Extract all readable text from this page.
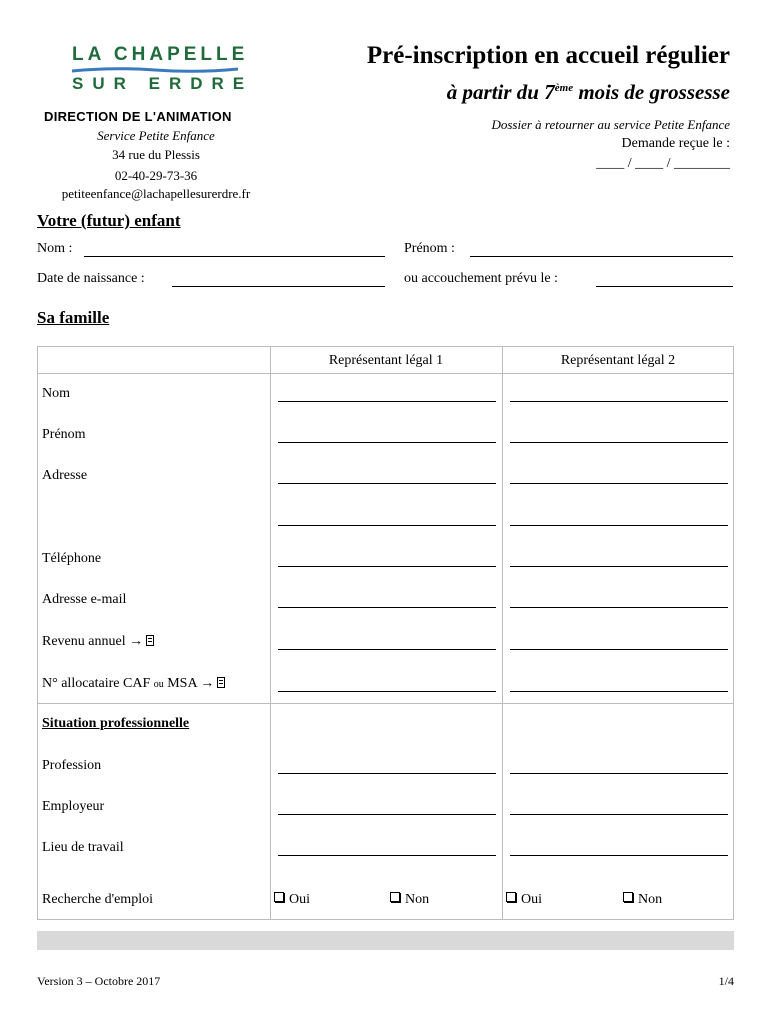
LA CHAPELLE
SUR ERDRE
DIRECTION DE L'ANIMATION
Service Petite Enfance
34 rue du Plessis
02-40-29-73-36
petiteenfance@lachapellesurerdre.fr
Pré-inscription en accueil régulier
à partir du 7ème mois de grossesse
Dossier à retourner au service Petite Enfance
Demande reçue le :
____ / ____ / ________
Votre (futur) enfant
Nom :	Prénom :
Date de naissance :	ou accouchement prévu le :
Sa famille
Représentant légal 1	Représentant légal 2
Nom
Prénom
Adresse
Téléphone
Adresse e-mail
Revenu annuel →
N° allocataire CAF ou MSA →
Situation professionnelle
Profession
Employeur
Lieu de travail
Recherche d'emploi	Oui	Non	Oui	Non
Version 3 – Octobre 2017	1/4
